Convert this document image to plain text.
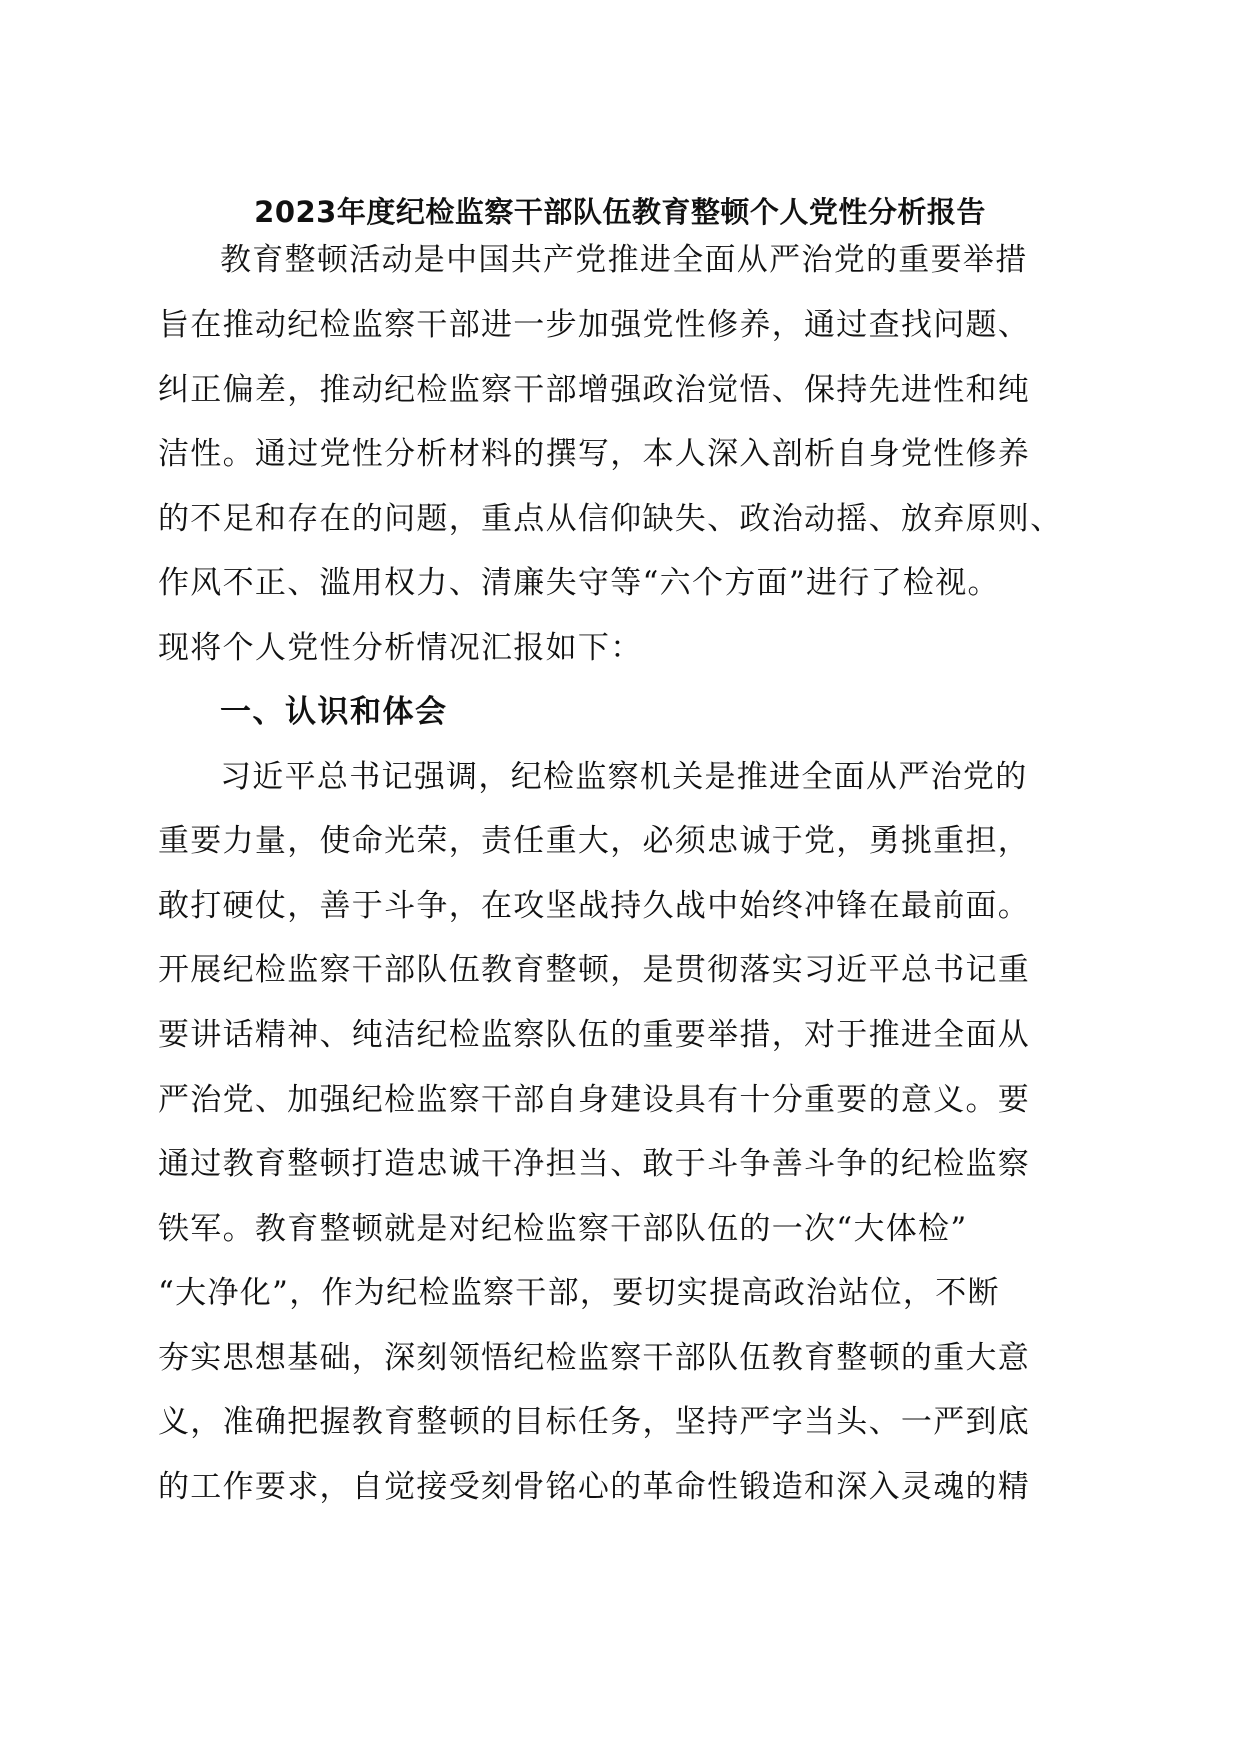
2023年度纪检监察干部队伍教育整顿个人党性分析报告

教育整顿活动是中国共产党推进全面从严治党的重要举措

旨在推动纪检监察干部进一步加强党性修养，通过查找问题、

纠正偏差，推动纪检监察干部增强政治觉悟、保持先进性和纯

洁性。通过党性分析材料的撰写，本人深入剖析自身党性修养

的不足和存在的问题，重点从信仰缺失、政治动摇、放弃原则、

作风不正、滥用权力、清廉失守等“六个方面”进行了检视。

现将个人党性分析情况汇报如下：

一、认识和体会

习近平总书记强调，纪检监察机关是推进全面从严治党的

重要力量，使命光荣，责任重大，必须忠诚于党，勇挑重担，

敢打硬仗，善于斗争，在攻坚战持久战中始终冲锋在最前面。

开展纪检监察干部队伍教育整顿，是贯彻落实习近平总书记重

要讲话精神、纯洁纪检监察队伍的重要举措，对于推进全面从

严治党、加强纪检监察干部自身建设具有十分重要的意义。要

通过教育整顿打造忠诚干净担当、敢于斗争善斗争的纪检监察

铁军。教育整顿就是对纪检监察干部队伍的一次“大体检”

“大净化”，作为纪检监察干部，要切实提高政治站位，不断

夯实思想基础，深刻领悟纪检监察干部队伍教育整顿的重大意

义，准确把握教育整顿的目标任务，坚持严字当头、一严到底

的工作要求，自觉接受刻骨铭心的革命性锻造和深入灵魂的精
